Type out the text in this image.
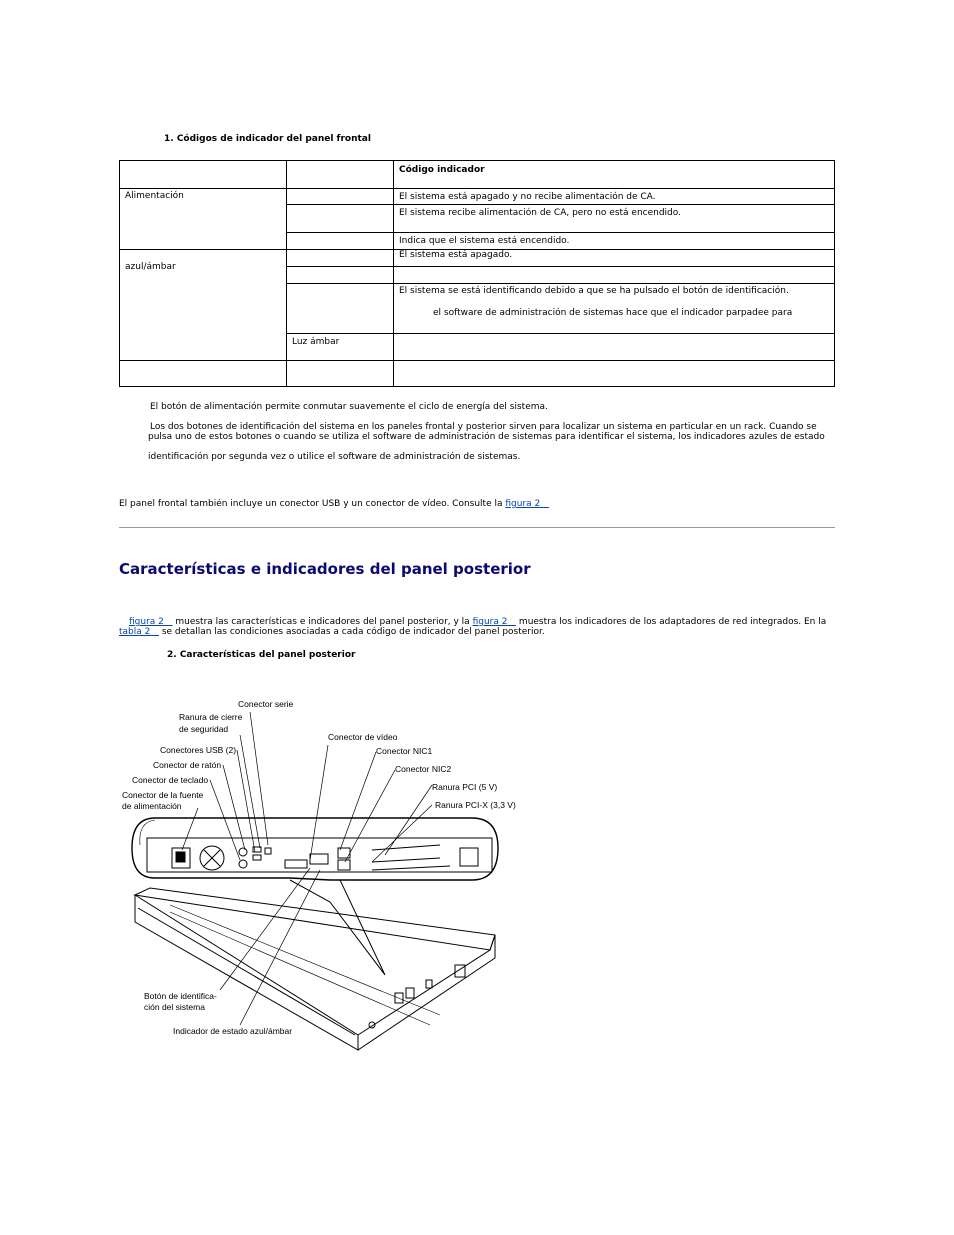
1. Códigos de indicador del panel frontal
		Código indicador
Alimentación		El sistema está apagado y no recibe alimentación de CA.
		El sistema recibe alimentación de CA, pero no está encendido.
		Indica que el sistema está encendido.
azul/ámbar		El sistema está apagado.

		El sistema se está identificando debido a que se ha pulsado el botón de identificación.
el software de administración de sistemas hace que el indicador parpadee para

	Luz ámbar	

El botón de alimentación permite conmutar suavemente el ciclo de energía del sistema.
Los dos botones de identificación del sistema en los paneles frontal y posterior sirven para localizar un sistema en particular en un rack. Cuando se
pulsa uno de estos botones o cuando se utiliza el software de administración de sistemas para identificar el sistema, los indicadores azules de estado
identificación por segunda vez o utilice el software de administración de sistemas.
El panel frontal también incluye un conector USB y un conector de vídeo. Consulte la figura 2
Características e indicadores del panel posterior
figura 2 muestra las características e indicadores del panel posterior, y la figura 2 muestra los indicadores de los adaptadores de red integrados. En la
tabla 2 se detallan las condiciones asociadas a cada código de indicador del panel posterior.
2. Características del panel posterior
Conector serie
Ranura de cierre
de seguridad
Conectores USB (2)
Conector de ratón
Conector de teclado
Conector de la fuente
de alimentación
Conector de vídeo
Conector NIC1
Conector NIC2
Ranura PCI (5 V)
Ranura PCI-X (3,3 V)
Botón de identifica-
ción del sistema
Indicador de estado azul/ámbar
